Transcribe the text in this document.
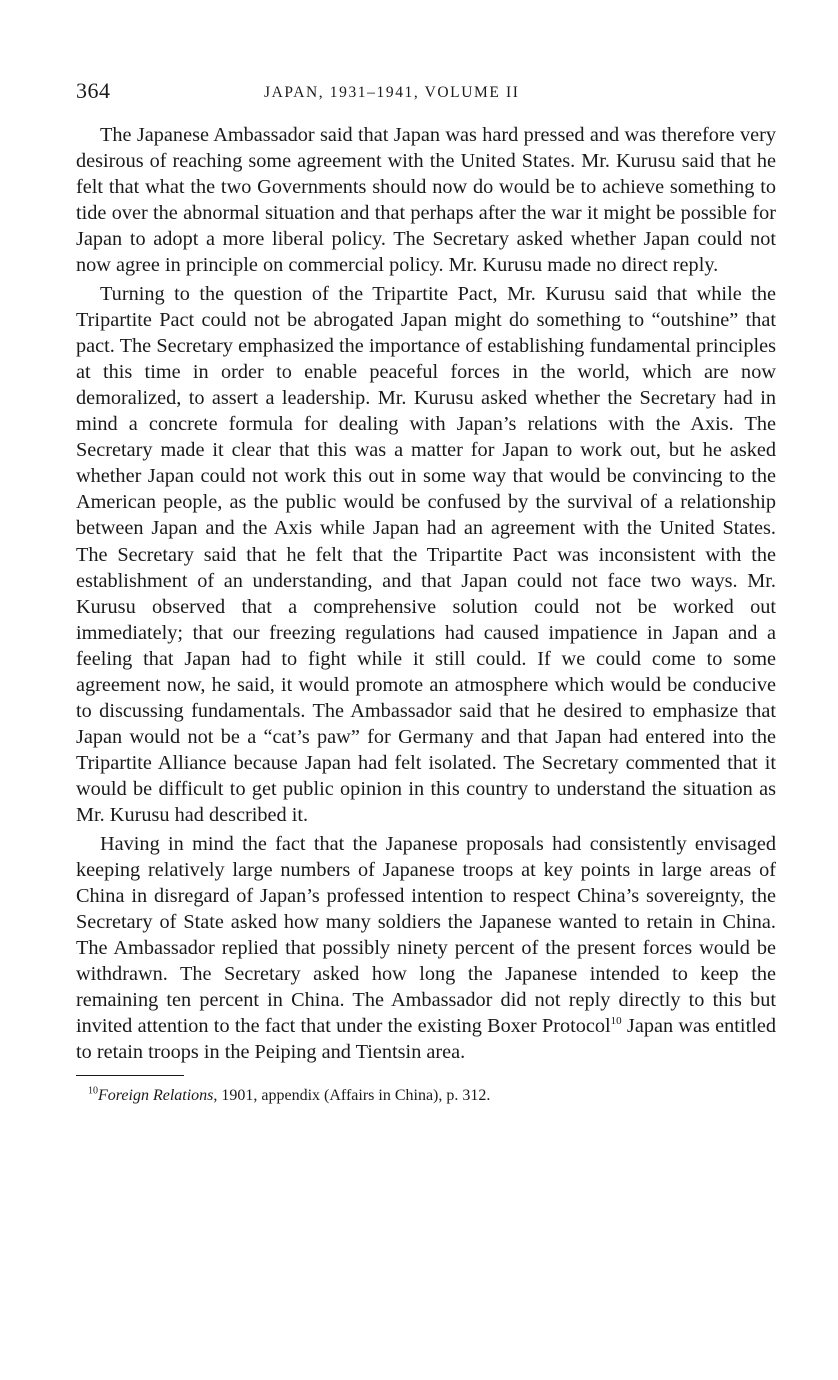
364	JAPAN, 1931–1941, VOLUME II

The Japanese Ambassador said that Japan was hard pressed and was therefore very desirous of reaching some agreement with the United States. Mr. Kurusu said that he felt that what the two Governments should now do would be to achieve something to tide over the abnormal situation and that perhaps after the war it might be possible for Japan to adopt a more liberal policy. The Secretary asked whether Japan could not now agree in principle on commercial policy. Mr. Kurusu made no direct reply.

Turning to the question of the Tripartite Pact, Mr. Kurusu said that while the Tripartite Pact could not be abrogated Japan might do something to “outshine” that pact. The Secretary emphasized the importance of establishing fundamental principles at this time in order to enable peaceful forces in the world, which are now demoralized, to assert a leadership. Mr. Kurusu asked whether the Secretary had in mind a concrete formula for dealing with Japan’s relations with the Axis. The Secretary made it clear that this was a matter for Japan to work out, but he asked whether Japan could not work this out in some way that would be convincing to the American people, as the public would be confused by the survival of a relationship between Japan and the Axis while Japan had an agreement with the United States. The Secretary said that he felt that the Tripartite Pact was inconsistent with the establishment of an understanding, and that Japan could not face two ways. Mr. Kurusu observed that a comprehensive solution could not be worked out immediately; that our freezing regulations had caused impatience in Japan and a feeling that Japan had to fight while it still could. If we could come to some agreement now, he said, it would promote an atmosphere which would be conducive to discussing fundamentals. The Ambassador said that he desired to emphasize that Japan would not be a “cat’s paw” for Germany and that Japan had entered into the Tripartite Alliance because Japan had felt isolated. The Secretary commented that it would be difficult to get public opinion in this country to understand the situation as Mr. Kurusu had described it.

Having in mind the fact that the Japanese proposals had consistently envisaged keeping relatively large numbers of Japanese troops at key points in large areas of China in disregard of Japan’s professed intention to respect China’s sovereignty, the Secretary of State asked how many soldiers the Japanese wanted to retain in China. The Ambassador replied that possibly ninety percent of the present forces would be withdrawn. The Secretary asked how long the Japanese intended to keep the remaining ten percent in China. The Ambassador did not reply directly to this but invited attention to the fact that under the existing Boxer Protocol$^{10}$ Japan was entitled to retain troops in the Peiping and Tientsin area.

$^{10}$Foreign Relations, 1901, appendix (Affairs in China), p. 312.
